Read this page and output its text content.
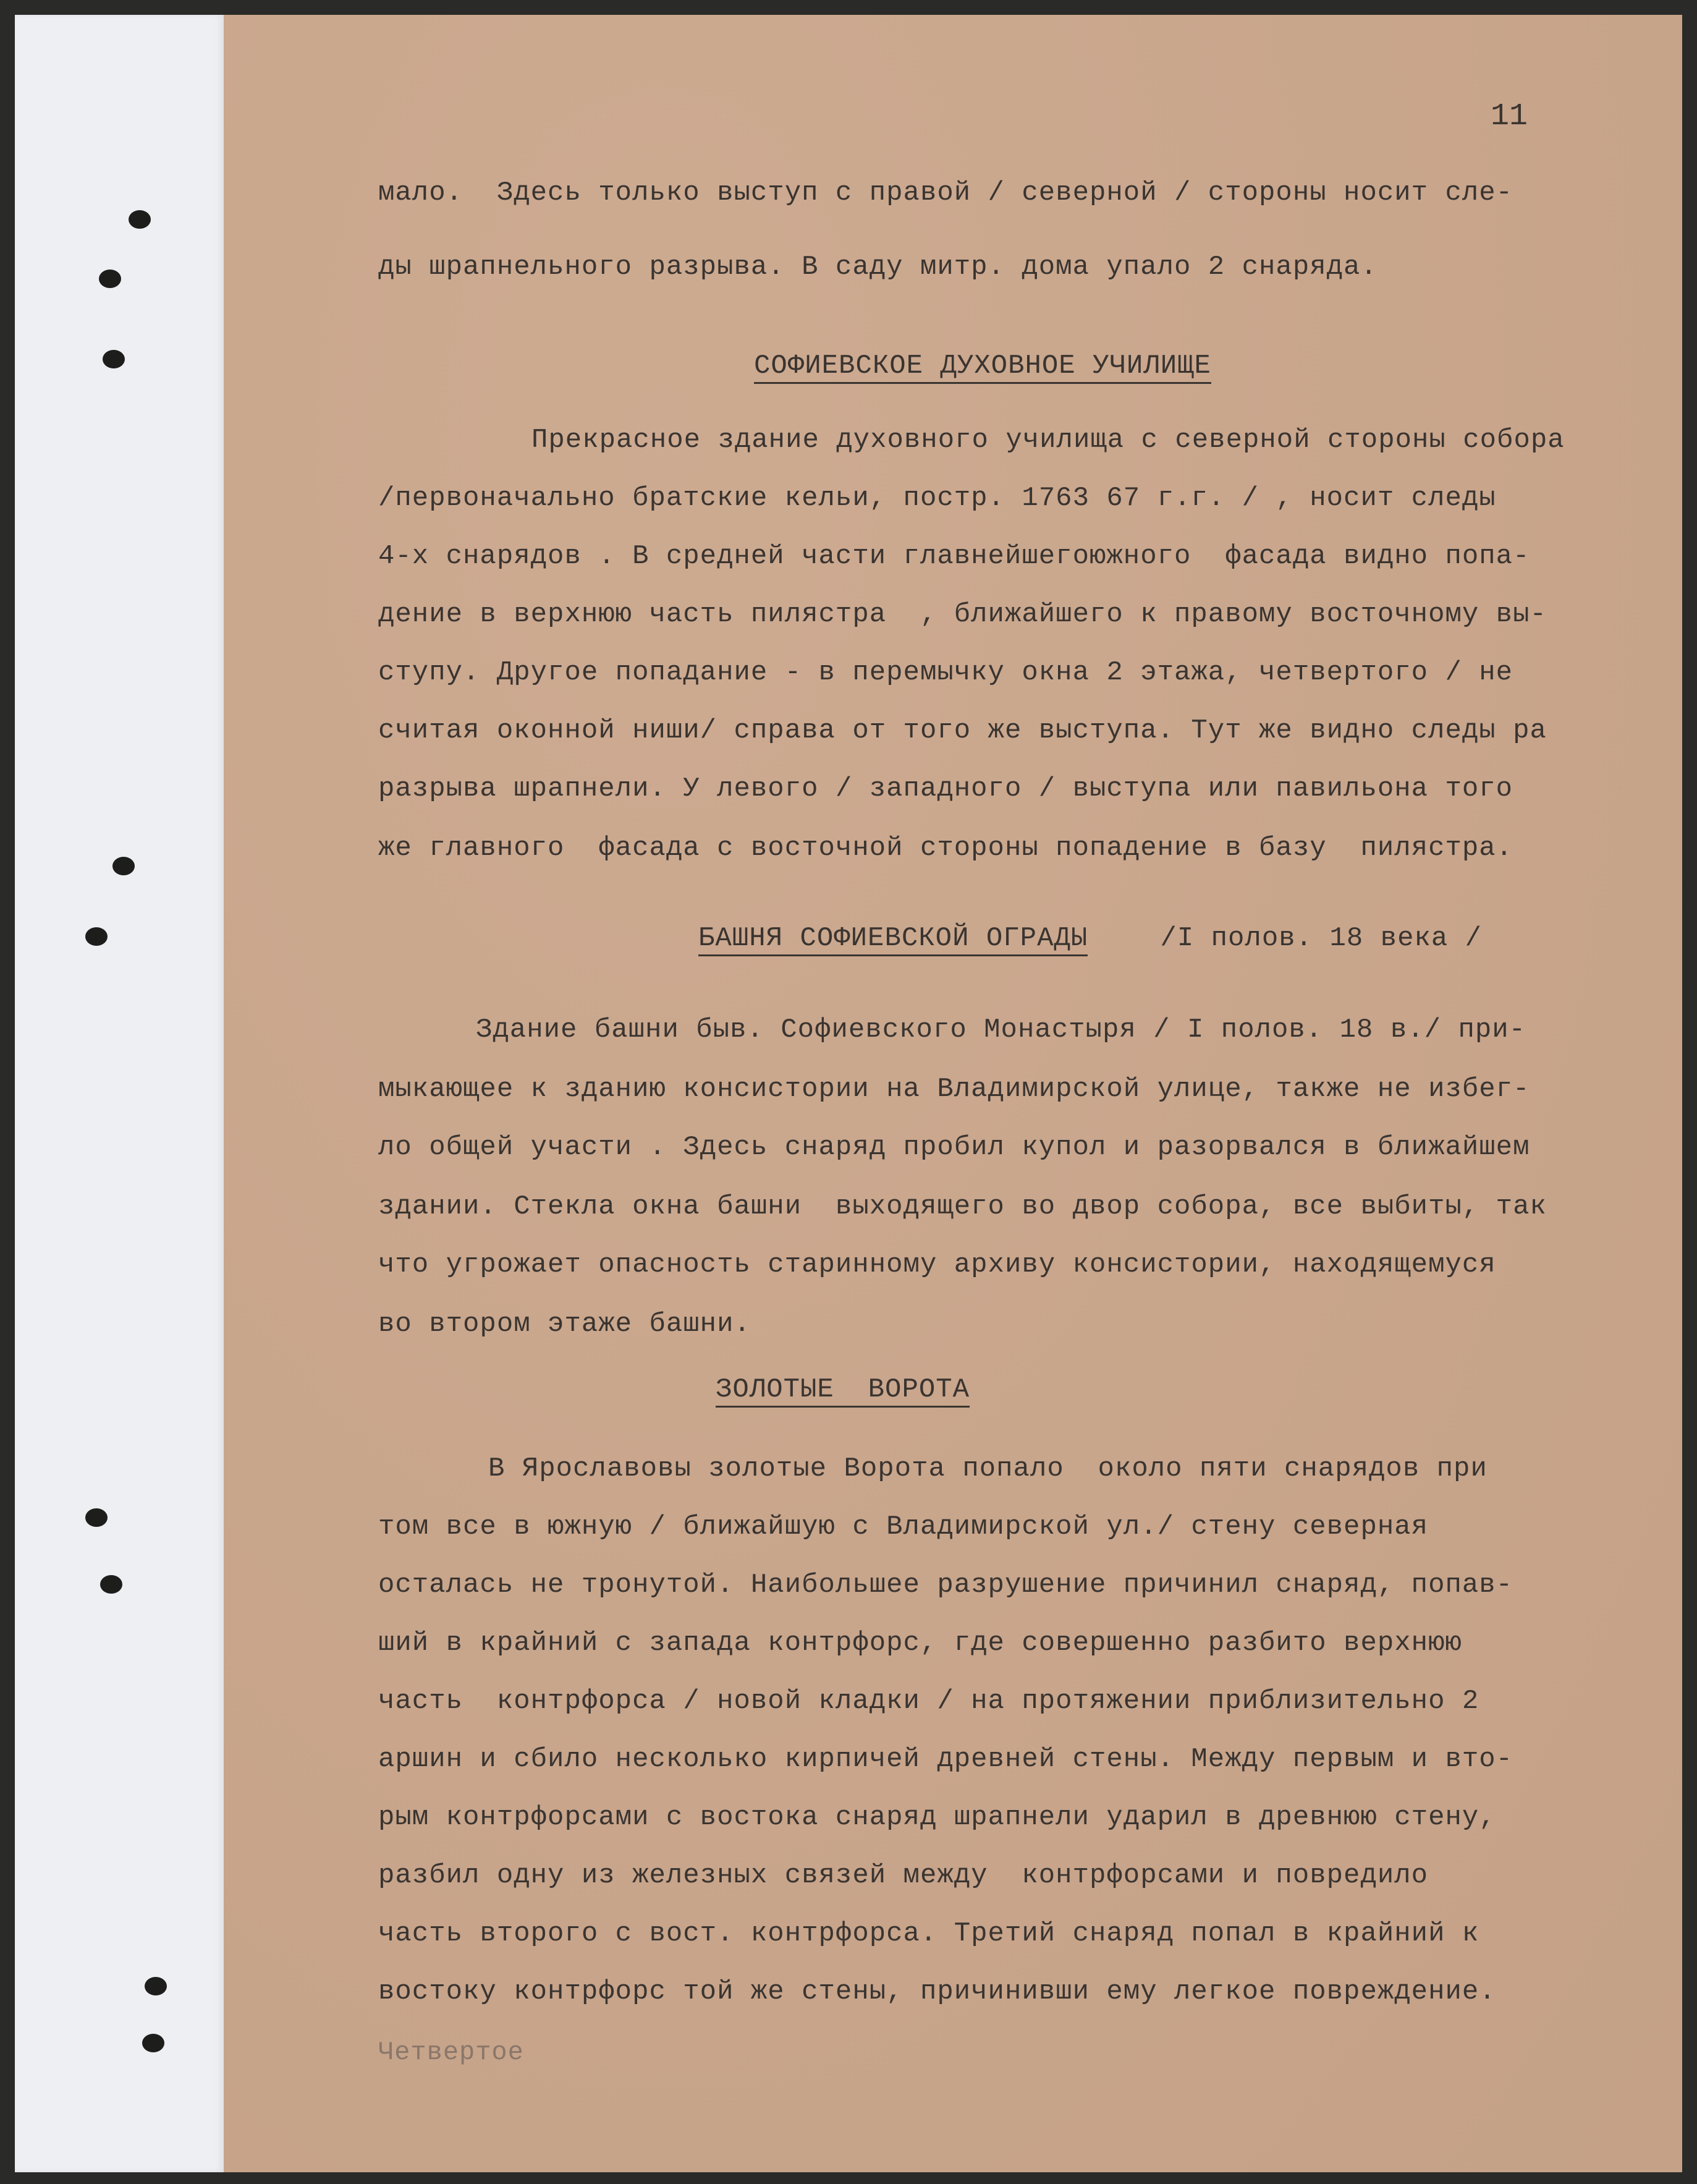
11
мало.  Здесь только выступ с правой / северной / стороны носит сле-
ды шрапнельного разрыва. В саду митр. дома упало 2 снаряда.
СОФИЕВСКОЕ ДУХОВНОЕ УЧИЛИЩЕ
Прекрасное здание духовного училища с северной стороны собора
/первоначально братские кельи, постр. 1763 67 г.г. / , носит следы
4-х снарядов . В средней части главнейшегоюжного  фасада видно попа-
дение в верхнюю часть пилястра  , ближайшего к правому восточному вы-
ступу. Другое попадание - в перемычку окна 2 этажа, четвертого / не
считая оконной ниши/ справа от того же выступа. Тут же видно следы ра
разрыва шрапнели. У левого / западного / выступа или павильона того
же главного  фасада с восточной стороны попадение в базу  пилястра.
БАШНЯ СОФИЕВСКОЙ ОГРАДЫ /I полов. 18 века /
Здание башни быв. Софиевского Монастыря / I полов. 18 в./ при-
мыкающее к зданию консистории на Владимирской улице, также не избег-
ло общей участи . Здесь снаряд пробил купол и разорвался в ближайшем
здании. Стекла окна башни  выходящего во двор собора, все выбиты, так
что угрожает опасность старинному архиву консистории, находящемуся
во втором этаже башни.
ЗОЛОТЫЕ  ВОРОТА
В Ярославовы золотые Ворота попало  около пяти снарядов при
том все в южную / ближайшую с Владимирской ул./ стену северная
осталась не тронутой. Наибольшее разрушение причинил снаряд, попав-
ший в крайний с запада контрфорс, где совершенно разбито верхнюю
часть  контрфорса / новой кладки / на протяжении приблизительно 2
аршин и сбило несколько кирпичей древней стены. Между первым и вто-
рым контрфорсами с востока снаряд шрапнели ударил в древнюю стену,
разбил одну из железных связей между  контрфорсами и повредило
часть второго с вост. контрфорса. Третий снаряд попал в крайний к
востоку контрфорс той же стены, причинивши ему легкое повреждение.
Четвертое
